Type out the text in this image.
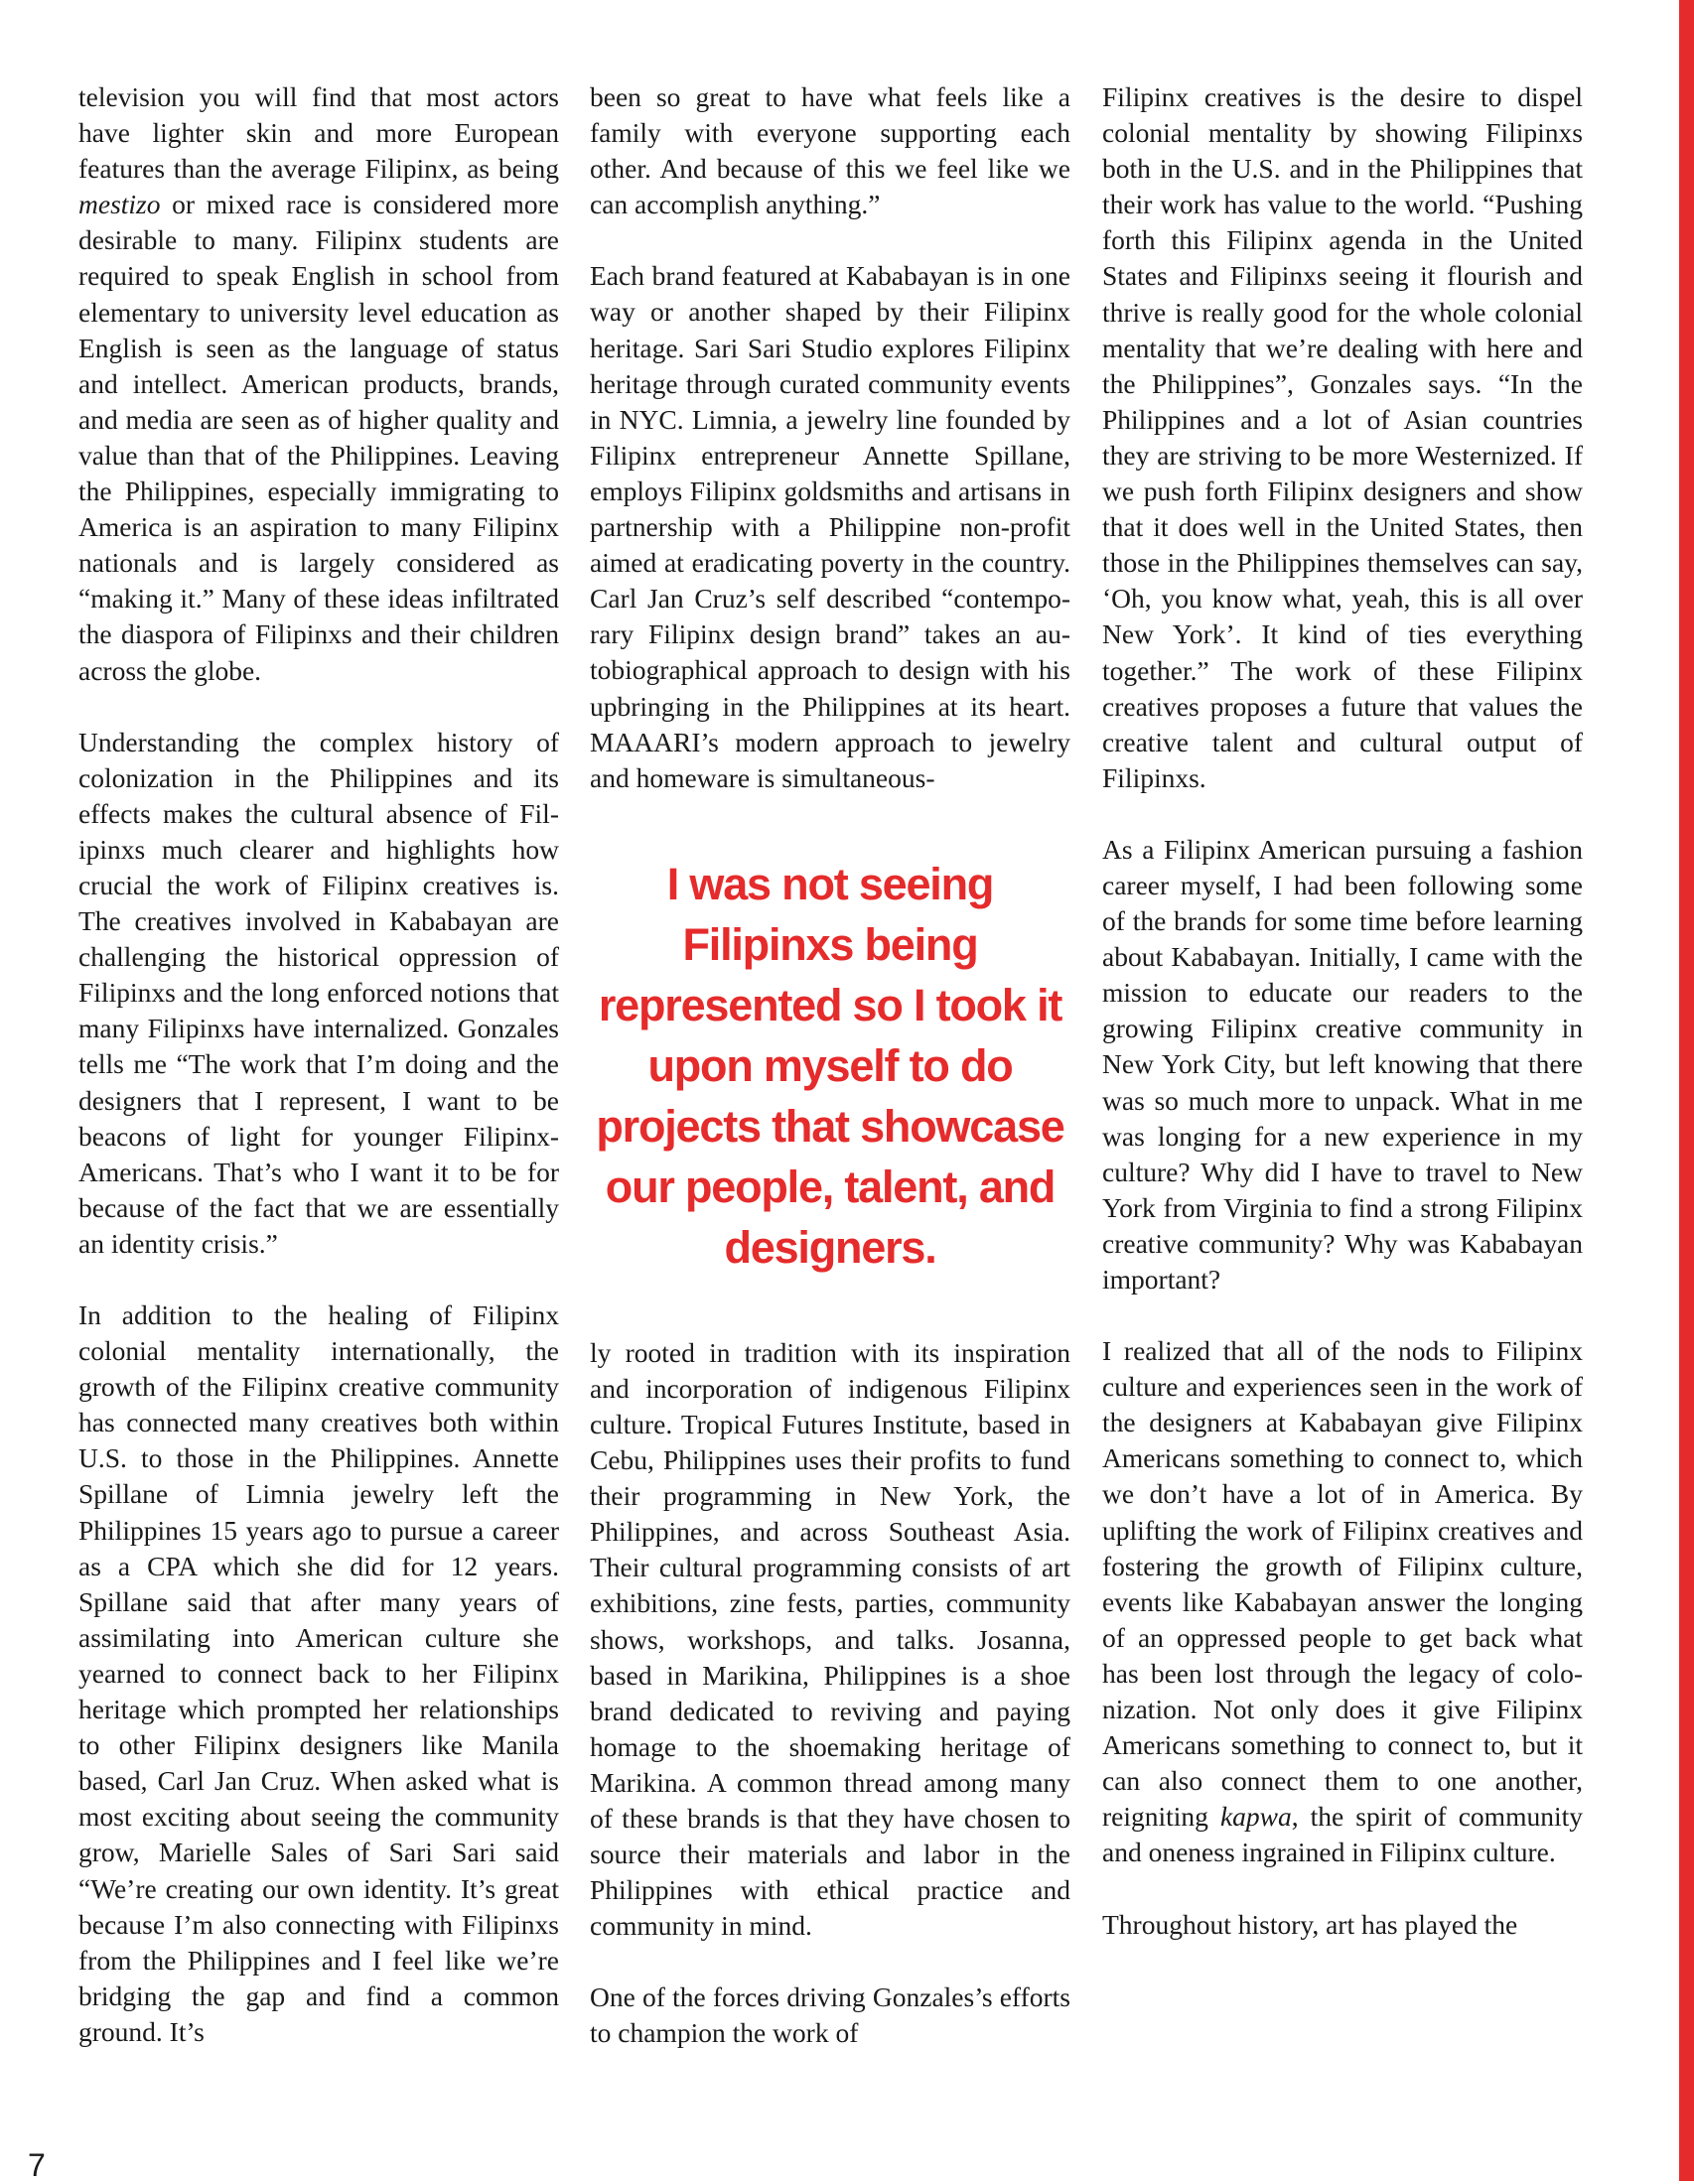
television you will find that most actors have lighter skin and more European features than the average Filipinx, as being mestizo or mixed race is considered more desirable to many. Filipinx students are required to speak English in school from elementary to university level education as English is seen as the language of status and intellect. American products, brands, and media are seen as of higher quality and value than that of the Philippines. Leaving the Philippines, especially immigrating to America is an aspiration to many Filipinx nationals and is largely considered as “making it.” Many of these ideas infiltrated the diaspora of Filipinxs and their children across the globe.

Understanding the complex history of colonization in the Philippines and its effects makes the cultural absence of Filipinxs much clearer and highlights how crucial the work of Filipinx creatives is. The creatives involved in Kababayan are challenging the historical oppression of Filipinxs and the long enforced notions that many Filipinxs have internalized. Gonzales tells me “The work that I’m doing and the designers that I represent, I want to be beacons of light for younger Filipinx-Americans. That’s who I want it to be for because of the fact that we are essentially an identity crisis.”

In addition to the healing of Filipinx colonial mentality internationally, the growth of the Filipinx creative community has connected many creatives both within U.S. to those in the Philippines. Annette Spillane of Limnia jewelry left the Philippines 15 years ago to pursue a career as a CPA which she did for 12 years. Spillane said that after many years of assimilating into American culture she yearned to connect back to her Filipinx heritage which prompted her relationships to other Filipinx designers like Manila based, Carl Jan Cruz. When asked what is most exciting about seeing the community grow, Marielle Sales of Sari Sari said “We’re creating our own identity. It’s great because I’m also connecting with Filipinxs from the Philippines and I feel like we’re bridging the gap and find a common ground. It’s

been so great to have what feels like a family with everyone supporting each other. And because of this we feel like we can accomplish anything.”

Each brand featured at Kababayan is in one way or another shaped by their Filipinx heritage. Sari Sari Studio explores Filipinx heritage through curated community events in NYC. Limnia, a jewelry line founded by Filipinx entrepreneur Annette Spillane, employs Filipinx goldsmiths and artisans in partnership with a Philippine non-profit aimed at eradicating poverty in the country. Carl Jan Cruz’s self described “contemporary Filipinx design brand” takes an autobiographical approach to design with his upbringing in the Philippines at its heart. MAAARI’s modern approach to jewelry and homeware is simultaneous-

I was not seeing Filipinxs being represented so I took it upon myself to do projects that showcase our people, talent, and designers.

ly rooted in tradition with its inspiration and incorporation of indigenous Filipinx culture. Tropical Futures Institute, based in Cebu, Philippines uses their profits to fund their programming in New York, the Philippines, and across Southeast Asia. Their cultural programming consists of art exhibitions, zine fests, parties, community shows, workshops, and talks. Josanna, based in Marikina, Philippines is a shoe brand dedicated to reviving and paying homage to the shoemaking heritage of Marikina. A common thread among many of these brands is that they have chosen to source their materials and labor in the Philippines with ethical practice and community in mind.

One of the forces driving Gonzales’s efforts to champion the work of

Filipinx creatives is the desire to dispel colonial mentality by showing Filipinxs both in the U.S. and in the Philippines that their work has value to the world. “Pushing forth this Filipinx agenda in the United States and Filipinxs seeing it flourish and thrive is really good for the whole colonial mentality that we’re dealing with here and the Philippines”, Gonzales says. “In the Philippines and a lot of Asian countries they are striving to be more Westernized. If we push forth Filipinx designers and show that it does well in the United States, then those in the Philippines themselves can say, ‘Oh, you know what, yeah, this is all over New York’. It kind of ties everything together.” The work of these Filipinx creatives proposes a future that values the creative talent and cultural output of Filipinxs.

As a Filipinx American pursuing a fashion career myself, I had been following some of the brands for some time before learning about Kababayan. Initially, I came with the mission to educate our readers to the growing Filipinx creative community in New York City, but left knowing that there was so much more to unpack. What in me was longing for a new experience in my culture? Why did I have to travel to New York from Virginia to find a strong Filipinx creative community? Why was Kababayan important?

I realized that all of the nods to Filipinx culture and experiences seen in the work of the designers at Kababayan give Filipinx Americans something to connect to, which we don’t have a lot of in America. By uplifting the work of Filipinx creatives and fostering the growth of Filipinx culture, events like Kababayan answer the longing of an oppressed people to get back what has been lost through the legacy of colonization. Not only does it give Filipinx Americans something to connect to, but it can also connect them to one another, reigniting kapwa, the spirit of community and oneness ingrained in Filipinx culture.

Throughout history, art has played the

7
